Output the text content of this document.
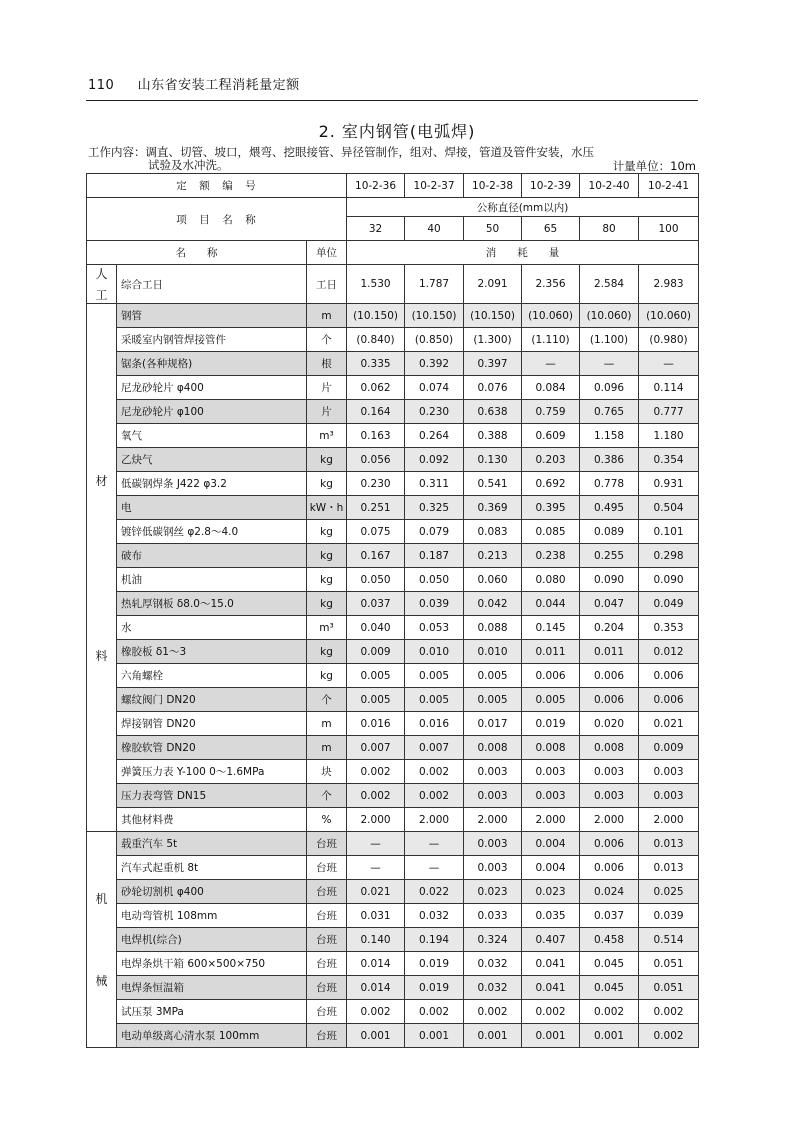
110 山东省安装工程消耗量定额
2. 室内钢管(电弧焊)
工作内容：调直、切管、坡口，煨弯、挖眼接管、异径管制作，组对、焊接，管道及管件安装，水压
试验及水冲洗。	计量单位：10m
定　额　编　号			10-2-36	10-2-37	10-2-38	10-2-39	10-2-40	10-2-41
项　目　名　称			公称直径(mm以内)					
			32	40	50	65	80	100
名　　称		单位	消　　耗　　量					

人
工	综合工日	工日	1.530	1.787	2.091	2.356	2.584	2.983

材
料	钢管	m	(10.150)	(10.150)	(10.150)	(10.060)	(10.060)	(10.060)
	采暖室内钢管焊接管件	个	(0.840)	(0.850)	(1.300)	(1.110)	(1.100)	(0.980)
	锯条(各种规格)	根	0.335	0.392	0.397	—	—	—
	尼龙砂轮片 φ400	片	0.062	0.074	0.076	0.084	0.096	0.114
	尼龙砂轮片 φ100	片	0.164	0.230	0.638	0.759	0.765	0.777
	氧气	m³	0.163	0.264	0.388	0.609	1.158	1.180
	乙炔气	kg	0.056	0.092	0.130	0.203	0.386	0.354
	低碳钢焊条 J422 φ3.2	kg	0.230	0.311	0.541	0.692	0.778	0.931
	电	kW・h	0.251	0.325	0.369	0.395	0.495	0.504
	镀锌低碳钢丝 φ2.8～4.0	kg	0.075	0.079	0.083	0.085	0.089	0.101
	破布	kg	0.167	0.187	0.213	0.238	0.255	0.298
	机油	kg	0.050	0.050	0.060	0.080	0.090	0.090
	热轧厚钢板 δ8.0～15.0	kg	0.037	0.039	0.042	0.044	0.047	0.049
	水	m³	0.040	0.053	0.088	0.145	0.204	0.353
	橡胶板 δ1～3	kg	0.009	0.010	0.010	0.011	0.011	0.012
	六角螺栓	kg	0.005	0.005	0.005	0.006	0.006	0.006
	螺纹阀门 DN20	个	0.005	0.005	0.005	0.005	0.006	0.006
	焊接钢管 DN20	m	0.016	0.016	0.017	0.019	0.020	0.021
	橡胶软管 DN20	m	0.007	0.007	0.008	0.008	0.008	0.009
	弹簧压力表 Y-100 0～1.6MPa	块	0.002	0.002	0.003	0.003	0.003	0.003
	压力表弯管 DN15	个	0.002	0.002	0.003	0.003	0.003	0.003
	其他材料费	%	2.000	2.000	2.000	2.000	2.000	2.000

机
械	载重汽车 5t	台班	—	—	0.003	0.004	0.006	0.013
	汽车式起重机 8t	台班	—	—	0.003	0.004	0.006	0.013
	砂轮切割机 φ400	台班	0.021	0.022	0.023	0.023	0.024	0.025
	电动弯管机 108mm	台班	0.031	0.032	0.033	0.035	0.037	0.039
	电焊机(综合)	台班	0.140	0.194	0.324	0.407	0.458	0.514
	电焊条烘干箱 600×500×750	台班	0.014	0.019	0.032	0.041	0.045	0.051
	电焊条恒温箱	台班	0.014	0.019	0.032	0.041	0.045	0.051
	试压泵 3MPa	台班	0.002	0.002	0.002	0.002	0.002	0.002
	电动单级离心清水泵 100mm	台班	0.001	0.001	0.001	0.001	0.001	0.002
